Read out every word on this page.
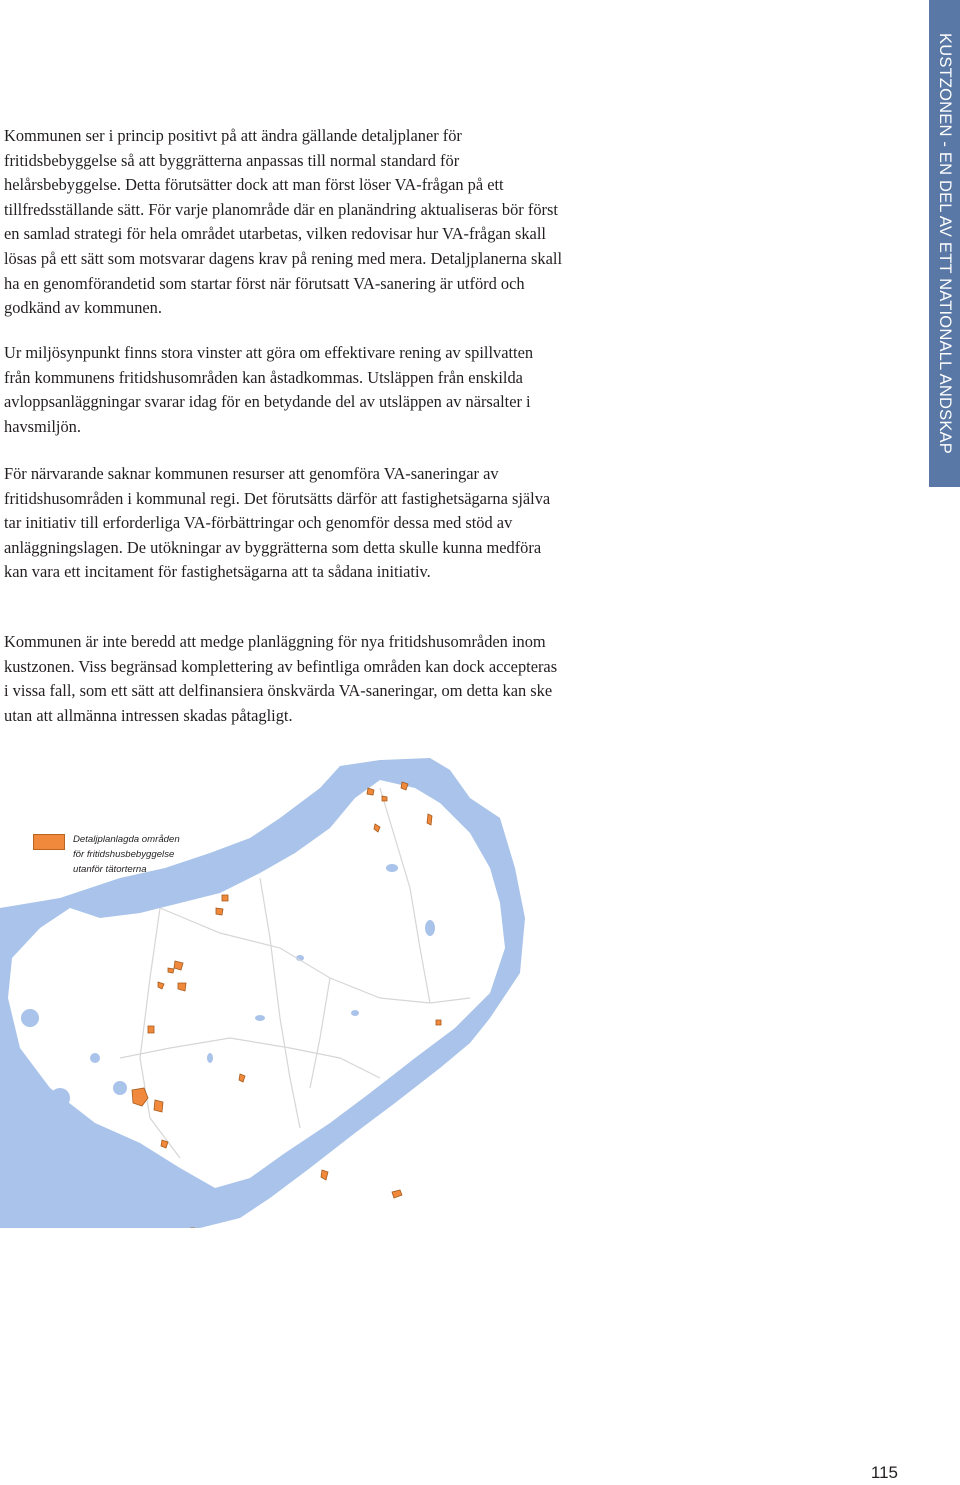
KUSTZONEN - EN DEL AV ETT NATIONALL ANDSKAP

Kommunen ser i princip positivt på att ändra gällande detaljplaner för fritidsbebyggelse så att byggrätterna anpassas till normal standard för helårsbebyggelse. Detta förutsätter dock att man först löser VA-frågan på ett tillfredsställande sätt. För varje planområde där en planändring aktualiseras bör först en samlad strategi för hela området utarbetas, vilken redovisar hur VA-frågan skall lösas på ett sätt som motsvarar dagens krav på rening med mera. Detaljplanerna skall ha en genomförandetid som startar först när förutsatt VA-sanering är utförd och godkänd av kommunen.

Ur miljösynpunkt finns stora vinster att göra om effektivare rening av spillvatten från kommunens fritidshusområden kan åstadkommas. Utsläppen från enskilda avloppsanläggningar svarar idag för en betydande del av utsläppen av närsalter i havsmiljön.

För närvarande saknar kommunen resurser att genomföra VA-saneringar av fritidshusområden i kommunal regi. Det förutsätts därför att fastighetsägarna själva tar initiativ till erforderliga VA-förbättringar och genomför dessa med stöd av anläggningslagen. De utökningar av byggrätterna som detta skulle kunna medföra kan vara ett incitament för fastighetsägarna att ta sådana initiativ.

Kommunen är inte beredd att medge planläggning för nya fritidshusområden inom kustzonen. Viss begränsad komplettering av befintliga områden kan dock accepteras i vissa fall, som ett sätt att delfinansiera önskvärda VA-saneringar, om detta kan ske utan att allmänna intressen skadas påtagligt.

Detaljplanlagda områden
för fritidshusbebyggelse
utanför tätorterna
115
